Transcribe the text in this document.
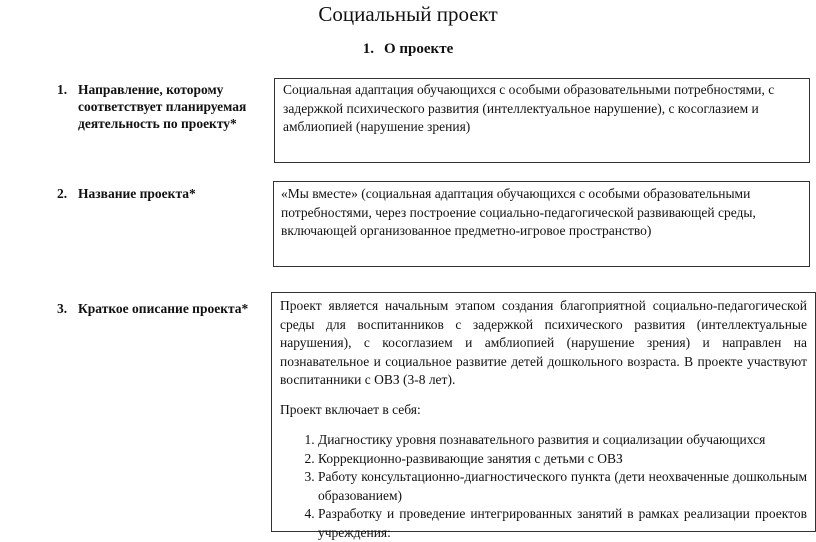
Социальный проект
1. О проекте
1. Направление, которому соответствует планируемая деятельность по проекту*
Социальная адаптация обучающихся с особыми образовательными потребностями, с задержкой психического развития (интеллектуальное нарушение), с косоглазием и амблиопией (нарушение зрения)
2. Название проекта*	«Мы вместе» (социальная адаптация обучающихся с особыми образовательными потребностями, через построение социально-педагогической развивающей среды, включающей организованное предметно-игровое пространство)
3. Краткое описание проекта* Проект является начальным этапом создания благоприятной социально-педагогической среды для воспитанников с задержкой психического развития (интеллектуальные нарушения), с косоглазием и амблиопией (нарушение зрения) и направлен на познавательное и социальное развитие детей дошкольного возраста. В проекте участвуют воспитанники с ОВЗ (3-8 лет).
Проект включает в себя:
1. Диагностику уровня познавательного развития и социализации обучающихся
2. Коррекционно-развивающие занятия с детьми с ОВЗ
3. Работу консультационно-диагностического пункта (дети неохваченные дошкольным образованием)
4. Разработку и проведение интегрированных занятий в рамках реализации проектов учреждения:
